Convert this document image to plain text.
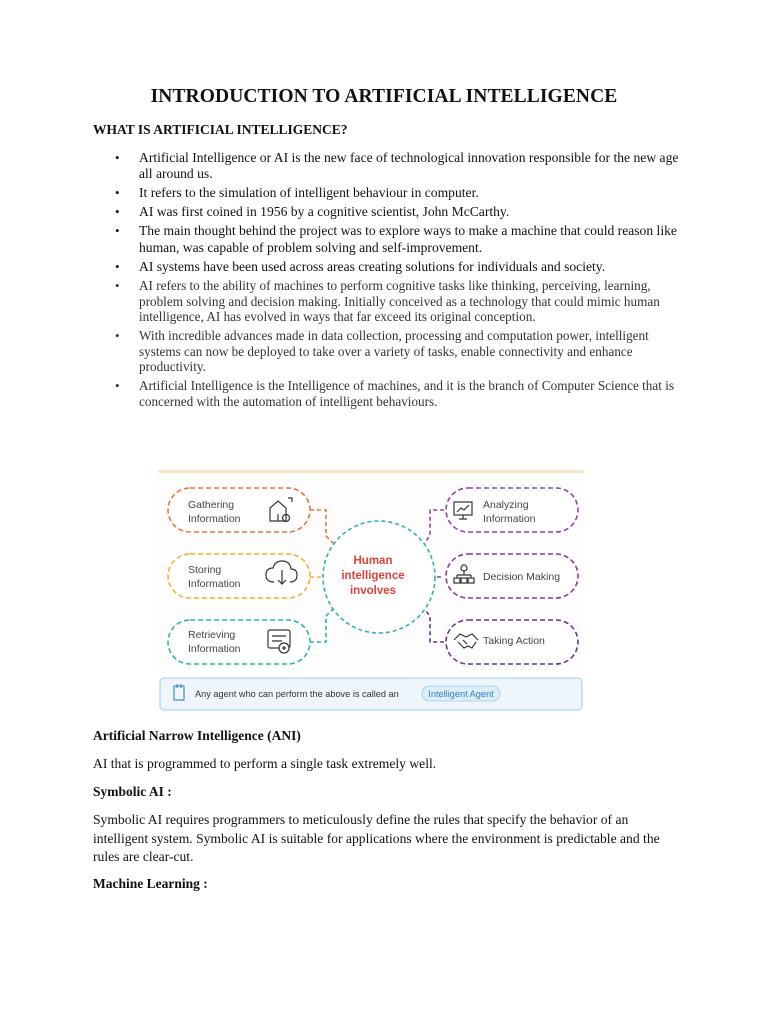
INTRODUCTION TO ARTIFICIAL INTELLIGENCE
WHAT IS ARTIFICIAL INTELLIGENCE?
• Artificial Intelligence or AI is the new face of technological innovation responsible for the new age all around us.
• It refers to the simulation of intelligent behaviour in computer.
• AI was first coined in 1956 by a cognitive scientist, John McCarthy.
• The main thought behind the project was to explore ways to make a machine that could reason like human, was capable of problem solving and self-improvement.
• AI systems have been used across areas creating solutions for individuals and society.
• AI refers to the ability of machines to perform cognitive tasks like thinking, perceiving, learning, problem solving and decision making. Initially conceived as a technology that could mimic human intelligence, AI has evolved in ways that far exceed its original conception.
• With incredible advances made in data collection, processing and computation power, intelligent systems can now be deployed to take over a variety of tasks, enable connectivity and enhance productivity.
• Artificial Intelligence is the Intelligence of machines, and it is the branch of Computer Science that is concerned with the automation of intelligent behaviours.
Human
intelligence
involves
Gathering
Information
Storing
Information
Retrieving
Information
Analyzing
Information
Decision Making
Taking Action
Any agent who can perform the above is called an	Intelligent Agent
Artificial Narrow Intelligence (ANI)

AI that is programmed to perform a single task extremely well.

Symbolic AI :

Symbolic AI requires programmers to meticulously define the rules that specify the behavior of an intelligent system. Symbolic AI is suitable for applications where the environment is predictable and the rules are clear-cut.

Machine Learning :
